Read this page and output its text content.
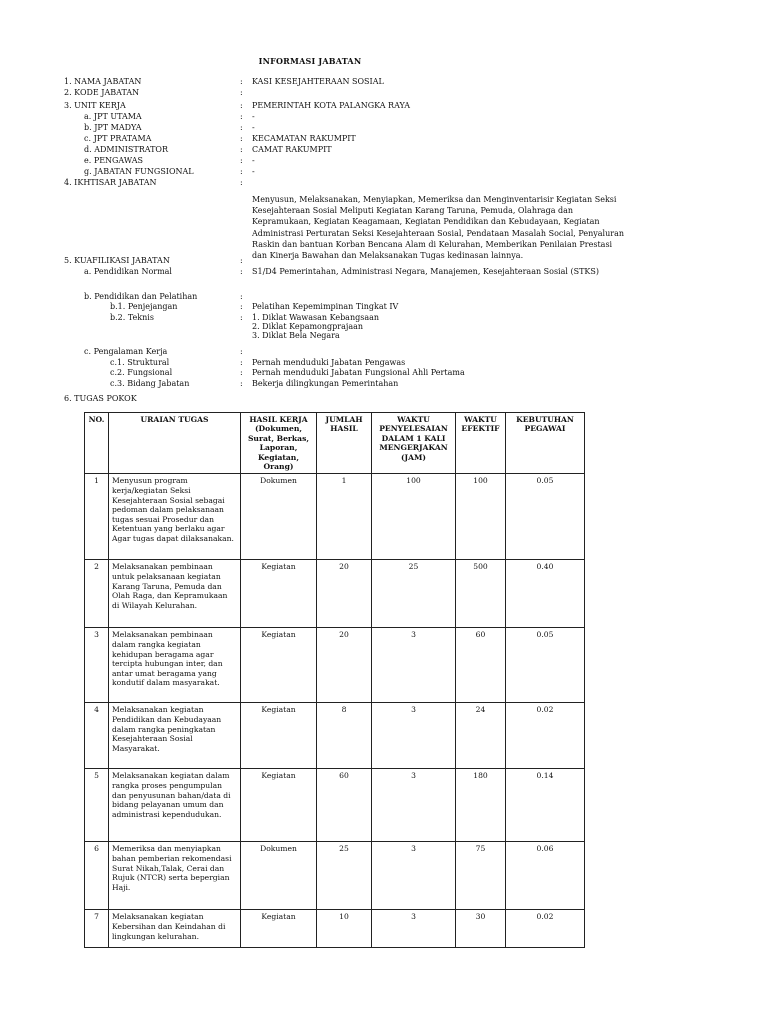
INFORMASI JABATAN
1. NAMA JABATAN	: KASI KESEJAHTERAAN SOSIAL
2. KODE JABATAN	:
3. UNIT KERJA	: PEMERINTAH KOTA PALANGKA RAYA
a. JPT UTAMA	: -
b. JPT MADYA	: -
c. JPT PRATAMA	: KECAMATAN RAKUMPIT
d. ADMINISTRATOR	: CAMAT RAKUMPIT
e. PENGAWAS	: -
g. JABATAN FUNGSIONAL	: -
4. IKHTISAR JABATAN	:
Menyusun, Melaksanakan, Menyiapkan, Memeriksa dan Menginventarisir Kegiatan Seksi Kesejahteraan Sosial Meliputi Kegiatan Karang Taruna, Pemuda, Olahraga dan Kepramukaan, Kegiatan Keagamaan, Kegiatan Pendidikan dan Kebudayaan, Kegiatan Administrasi Perturatan Seksi Kesejahteraan Sosial, Pendataan Masalah Social, Penyaluran Raskin dan bantuan Korban Bencana Alam di Kelurahan, Memberikan Penilaian Prestasi dan Kinerja Bawahan dan Melaksanakan Tugas kedinasan lainnya.
5. KUAFILIKASI JABATAN	:
a. Pendidikan Normal	: S1/D4 Pemerintahan, Administrasi Negara, Manajemen, Kesejahteraan Sosial (STKS)
b. Pendidikan dan Pelatihan	:
b.1. Penjejangan	: Pelatihan Kepemimpinan Tingkat IV
b.2. Teknis	: 1. Diklat Wawasan Kebangsaan
2. Diklat Kepamongprajaan
3. Diklat Bela Negara
c. Pengalaman Kerja	:
c.1. Struktural	: Pernah menduduki Jabatan Pengawas
c.2. Fungsional	: Pernah menduduki Jabatan Fungsional Ahli Pertama
c.3. Bidang Jabatan	: Bekerja dilingkungan Pemerintahan
6. TUGAS POKOK
NO.	URAIAN TUGAS	HASIL KERJA (Dokumen, Surat, Berkas, Laporan, Kegiatan, Orang)	JUMLAH HASIL	WAKTU PENYELESAIAN DALAM 1 KALI MENGERJAKAN (JAM)	WAKTU EFEKTIF	KEBUTUHAN PEGAWAI
1	Menyusun program kerja/kegiatan Seksi Kesejahteraan Sosial sebagai pedoman dalam pelaksanaan tugas sesuai Prosedur dan Ketentuan yang berlaku agar Agar tugas dapat dilaksanakan.	Dokumen	1	100	100	0.05
2	Melaksanakan pembinaan untuk pelaksanaan kegiatan Karang Taruna, Pemuda dan Olah Raga, dan Kepramukaan di Wilayah Kelurahan.	Kegiatan	20	25	500	0.40
3	Melaksanakan pembinaan dalam rangka kegiatan kehidupan beragama agar tercipta hubungan inter, dan antar umat beragama yang kondutif dalam masyarakat.	Kegiatan	20	3	60	0.05
4	Melaksanakan kegiatan Pendidikan dan Kebudayaan dalam rangka peningkatan Kesejahteraan Sosial Masyarakat.	Kegiatan	8	3	24	0.02
5	Melaksanakan kegiatan dalam rangka proses pengumpulan dan penyusunan bahan/data di bidang pelayanan umum dan administrasi kependudukan.	Kegiatan	60	3	180	0.14
6	Memeriksa dan menyiapkan bahan pemberian rekomendasi Surat Nikah,Talak, Cerai dan Rujuk (NTCR) serta bepergian Haji.	Dokumen	25	3	75	0.06
7	Melaksanakan kegiatan Kebersihan dan Keindahan di lingkungan kelurahan.	Kegiatan	10	3	30	0.02
